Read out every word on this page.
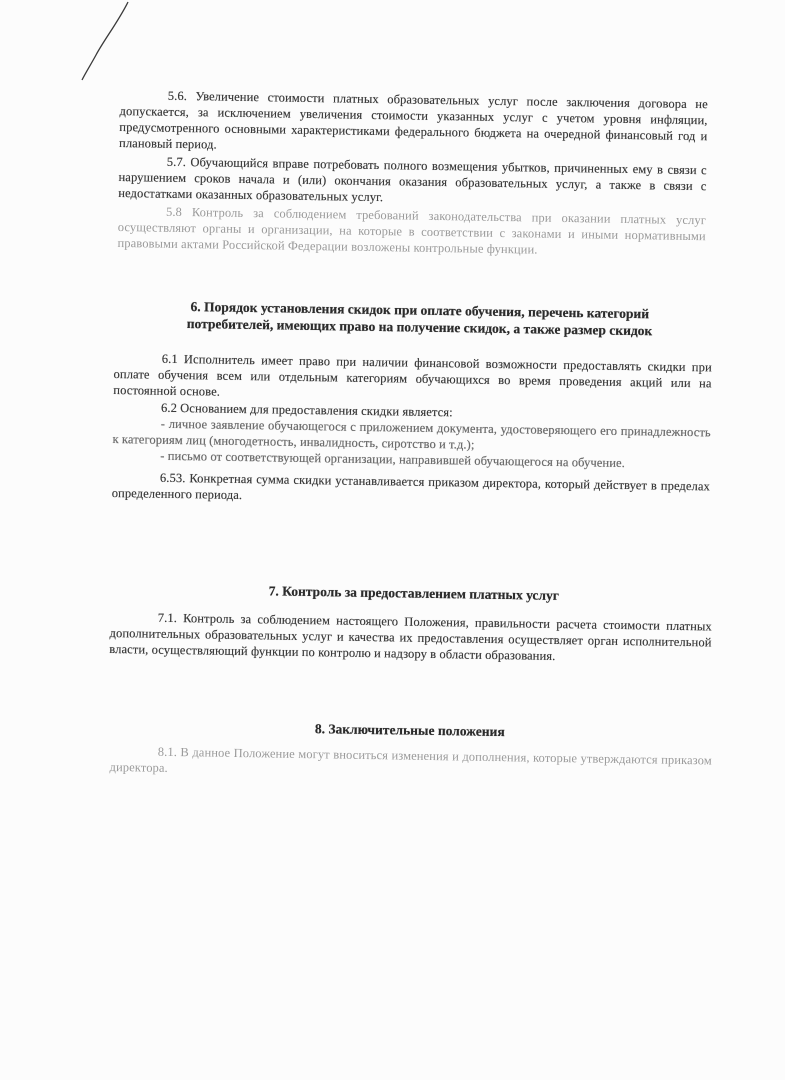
5.6. Увеличение стоимости платных образовательных услуг после заключения договора не допускается, за исключением увеличения стоимости указанных услуг с учетом уровня инфляции, предусмотренного основными характеристиками федерального бюджета на очередной финансовый год и плановый период.

5.7. Обучающийся вправе потребовать полного возмещения убытков, причиненных ему в связи с нарушением сроков начала и (или) окончания оказания образовательных услуг, а также в связи с недостатками оказанных образовательных услуг.

5.8 Контроль за соблюдением требований законодательства при оказании платных услуг осуществляют органы и организации, на которые в соответствии с законами и иными нормативными правовыми актами Российской Федерации возложены контрольные функции.

6. Порядок установления скидок при оплате обучения, перечень категорий

потребителей, имеющих право на получение скидок, а также размер скидок

6.1 Исполнитель имеет право при наличии финансовой возможности предоставлять скидки при оплате обучения всем или отдельным категориям обучающихся во время проведения акций или на постоянной основе.

6.2 Основанием для предоставления скидки является:

- личное заявление обучающегося с приложением документа, удостоверяющего его принадлежность к категориям лиц (многодетность, инвалидность, сиротство и т.д.);

- письмо от соответствующей организации, направившей обучающегося на обучение.

6.53. Конкретная сумма скидки устанавливается приказом директора, который действует в пределах определенного периода.

7. Контроль за предоставлением платных услуг

7.1. Контроль за соблюдением настоящего Положения, правильности расчета стоимости платных дополнительных образовательных услуг и качества их предоставления осуществляет орган исполнительной власти, осуществляющий функции по контролю и надзору в области образования.

8. Заключительные положения

8.1. В данное Положение могут вноситься изменения и дополнения, которые утверждаются приказом директора.
